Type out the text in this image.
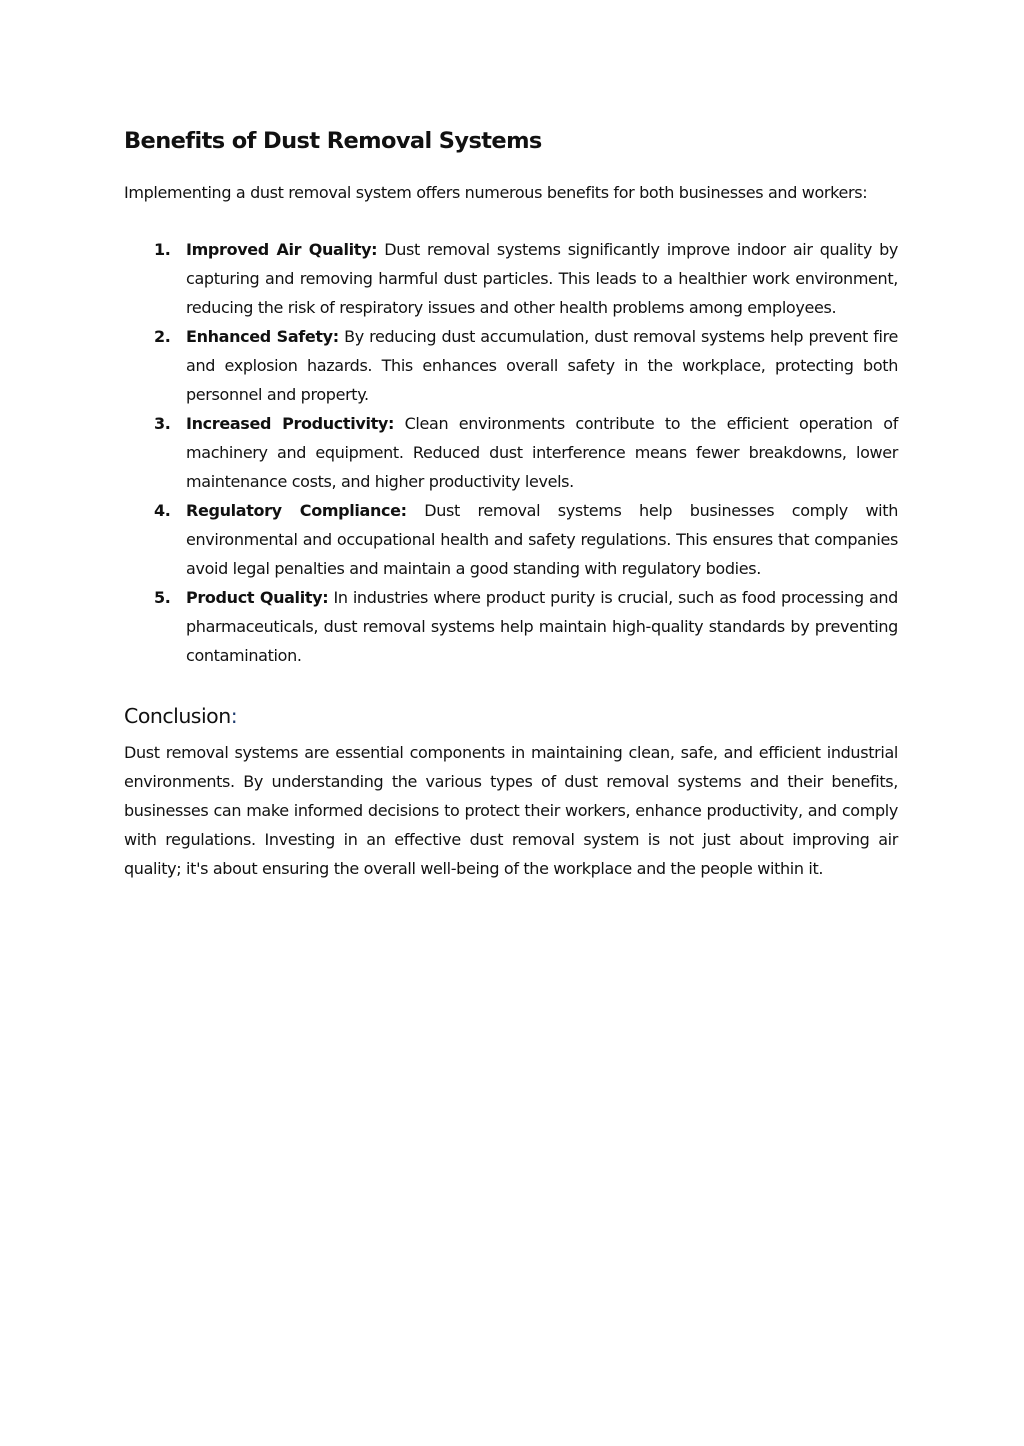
Benefits of Dust Removal Systems

Implementing a dust removal system offers numerous benefits for both businesses and workers:

1. Improved Air Quality: Dust removal systems significantly improve indoor air quality by capturing and removing harmful dust particles. This leads to a healthier work environment, reducing the risk of respiratory issues and other health problems among employees.
2. Enhanced Safety: By reducing dust accumulation, dust removal systems help prevent fire and explosion hazards. This enhances overall safety in the workplace, protecting both personnel and property.
3. Increased Productivity: Clean environments contribute to the efficient operation of machinery and equipment. Reduced dust interference means fewer breakdowns, lower maintenance costs, and higher productivity levels.
4. Regulatory Compliance: Dust removal systems help businesses comply with environmental and occupational health and safety regulations. This ensures that companies avoid legal penalties and maintain a good standing with regulatory bodies.
5. Product Quality: In industries where product purity is crucial, such as food processing and pharmaceuticals, dust removal systems help maintain high-quality standards by preventing contamination.
Conclusion:

Dust removal systems are essential components in maintaining clean, safe, and efficient industrial environments. By understanding the various types of dust removal systems and their benefits, businesses can make informed decisions to protect their workers, enhance productivity, and comply with regulations. Investing in an effective dust removal system is not just about improving air quality; it's about ensuring the overall well-being of the workplace and the people within it.
